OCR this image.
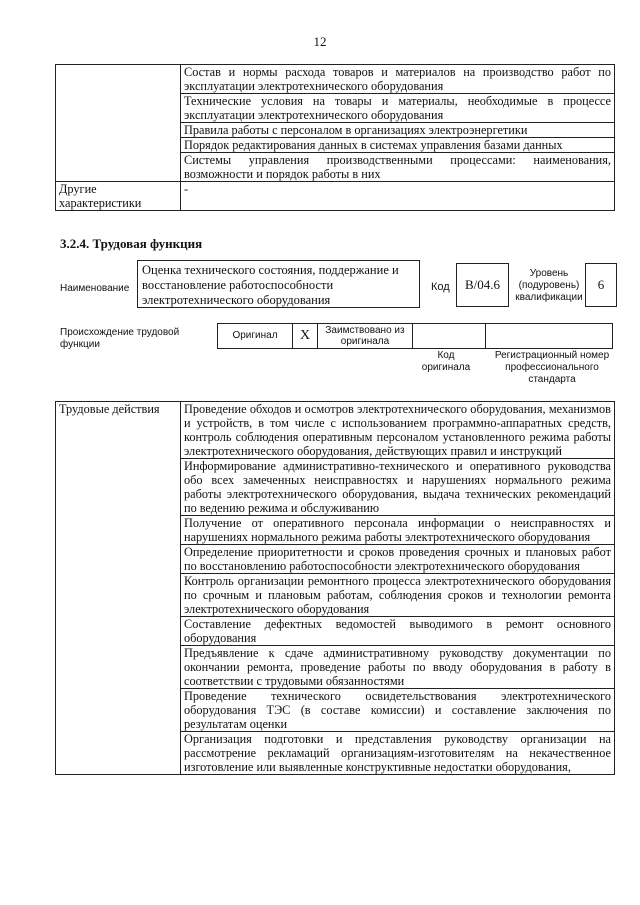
12
	Состав и нормы расхода товаров и материалов на производство работ по эксплуатации электротехнического оборудования
	Технические условия на товары и материалы, необходимые в процессе эксплуатации электротехнического оборудования
	Правила работы с персоналом в организациях электроэнергетики
	Порядок редактирования данных в системах управления базами данных
	Системы управления производственными процессами: наименования, возможности и порядок работы в них
Другие характеристики	-
3.2.4. Трудовая функция
Наименование
Оценка технического состояния, поддержание и восстановление работоспособности электротехнического оборудования
Код	B/04.6
Уровень (подуровень) квалификации
6
Происхождение трудовой функции
Оригинал	X	Заимствовано из оригинала		
Код оригинала
Регистрационный номер профессионального стандарта
Трудовые действия	Проведение обходов и осмотров электротехнического оборудования, механизмов и устройств, в том числе с использованием программно-аппаратных средств, контроль соблюдения оперативным персоналом установленного режима работы электротехнического оборудования, действующих правил и инструкций
Информирование административно-технического и оперативного руководства обо всех замеченных неисправностях и нарушениях нормального режима работы электротехнического оборудования, выдача технических рекомендаций по ведению режима и обслуживанию
Получение от оперативного персонала информации о неисправностях и нарушениях нормального режима работы электротехнического оборудования
Определение приоритетности и сроков проведения срочных и плановых работ по восстановлению работоспособности электротехнического оборудования
Контроль организации ремонтного процесса электротехнического оборудования по срочным и плановым работам, соблюдения сроков и технологии ремонта электротехнического оборудования
Составление дефектных ведомостей выводимого в ремонт основного оборудования
Предъявление к сдаче административному руководству документации по окончании ремонта, проведение работы по вводу оборудования в работу в соответствии с трудовыми обязанностями
Проведение технического освидетельствования электротехнического оборудования ТЭС (в составе комиссии) и составление заключения по результатам оценки
Организация подготовки и представления руководству организации на рассмотрение рекламаций организациям-изготовителям на некачественное изготовление или выявленные конструктивные недостатки оборудования,
